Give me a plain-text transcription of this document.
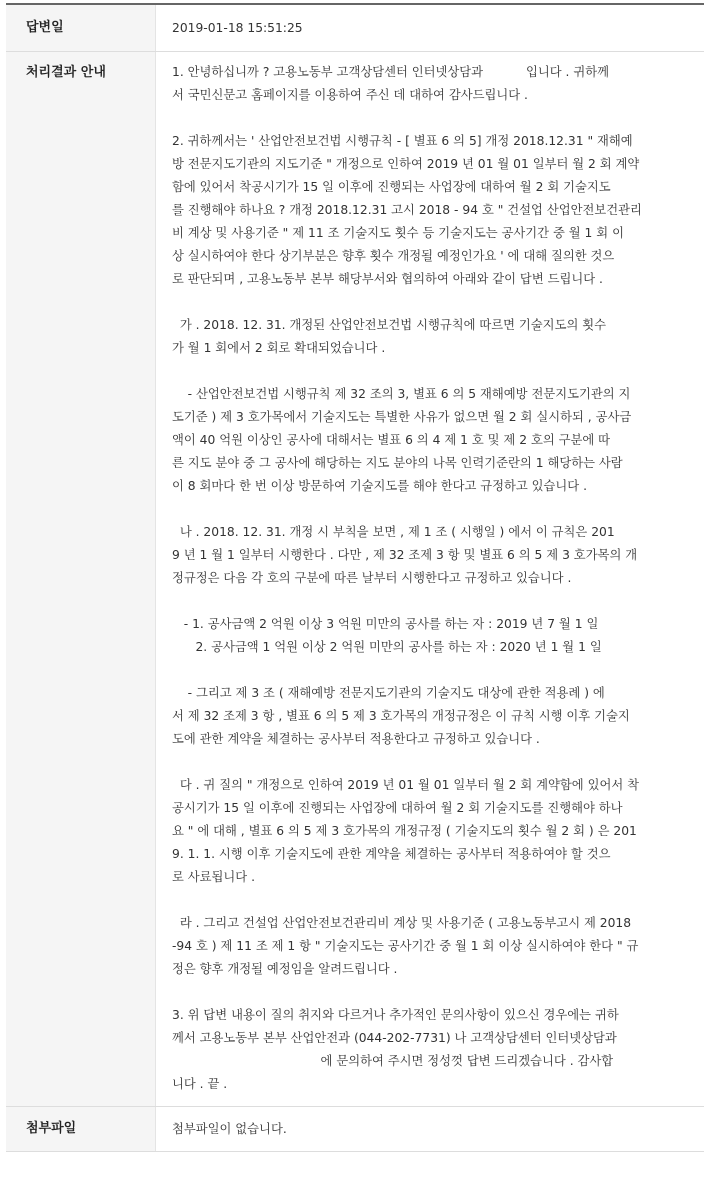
답변일	2019-01-18 15:51:25
처리결과 안내	1. 안녕하십니까 ? 고용노동부 고객상담센터 인터넷상담과           입니다 . 귀하께
서 국민신문고 홈페이지를 이용하여 주신 데 대하여 감사드립니다 .

2. 귀하께서는 ' 산업안전보건법 시행규칙 - [ 별표 6 의 5] 개정 2018.12.31 " 재해예
방 전문지도기관의 지도기준 " 개정으로 인하여 2019 년 01 월 01 일부터 월 2 회 계약
함에 있어서 착공시기가 15 일 이후에 진행되는 사업장에 대하여 월 2 회 기술지도
를 진행해야 하나요 ? 개정 2018.12.31 고시 2018 - 94 호 " 건설업 산업안전보건관리
비 계상 및 사용기준 " 제 11 조 기술지도 횟수 등 기술지도는 공사기간 중 월 1 회 이
상 실시하여야 한다 상기부분은 향후 횟수 개정될 예정인가요 ' 에 대해 질의한 것으
로 판단되며 , 고용노동부 본부 해당부서와 협의하여 아래와 같이 답변 드립니다 .

가 . 2018. 12. 31. 개정된 산업안전보건법 시행규칙에 따르면 기술지도의 횟수
가 월 1 회에서 2 회로 확대되었습니다 .

- 산업안전보건법 시행규칙 제 32 조의 3, 별표 6 의 5 재해예방 전문지도기관의 지
도기준 ) 제 3 호가목에서 기술지도는 특별한 사유가 없으면 월 2 회 실시하되 , 공사금
액이 40 억원 이상인 공사에 대해서는 별표 6 의 4 제 1 호 및 제 2 호의 구분에 따
른 지도 분야 중 그 공사에 해당하는 지도 분야의 나목 인력기준란의 1 해당하는 사람
이 8 회마다 한 번 이상 방문하여 기술지도를 해야 한다고 규정하고 있습니다 .

나 . 2018. 12. 31. 개정 시 부칙을 보면 , 제 1 조 ( 시행일 ) 에서 이 규칙은 201
9 년 1 월 1 일부터 시행한다 . 다만 , 제 32 조제 3 항 및 별표 6 의 5 제 3 호가목의 개
정규정은 다음 각 호의 구분에 따른 날부터 시행한다고 규정하고 있습니다 .

- 1. 공사금액 2 억원 이상 3 억원 미만의 공사를 하는 자 : 2019 년 7 월 1 일
2. 공사금액 1 억원 이상 2 억원 미만의 공사를 하는 자 : 2020 년 1 월 1 일

- 그리고 제 3 조 ( 재해예방 전문지도기관의 기술지도 대상에 관한 적용례 ) 에
서 제 32 조제 3 항 , 별표 6 의 5 제 3 호가목의 개정규정은 이 규칙 시행 이후 기술지
도에 관한 계약을 체결하는 공사부터 적용한다고 규정하고 있습니다 .

다 . 귀 질의 " 개정으로 인하여 2019 년 01 월 01 일부터 월 2 회 계약함에 있어서 착
공시기가 15 일 이후에 진행되는 사업장에 대하여 월 2 회 기술지도를 진행해야 하나
요 " 에 대해 , 별표 6 의 5 제 3 호가목의 개정규정 ( 기술지도의 횟수 월 2 회 ) 은 201
9. 1. 1. 시행 이후 기술지도에 관한 계약을 체결하는 공사부터 적용하여야 할 것으
로 사료됩니다 .

라 . 그리고 건설업 산업안전보건관리비 계상 및 사용기준 ( 고용노동부고시 제 2018
-94 호 ) 제 11 조 제 1 항 " 기술지도는 공사기간 중 월 1 회 이상 실시하여야 한다 " 규
정은 향후 개정될 예정임을 알려드립니다 .

3. 위 답변 내용이 질의 취지와 다르거나 추가적인 문의사항이 있으신 경우에는 귀하
께서 고용노동부 본부 산업안전과 (044-202-7731) 나 고객상담센터 인터넷상담과
에 문의하여 주시면 정성껏 답변 드리겠습니다 . 감사합
니다 . 끝 .

첨부파일	첨부파일이 없습니다.
